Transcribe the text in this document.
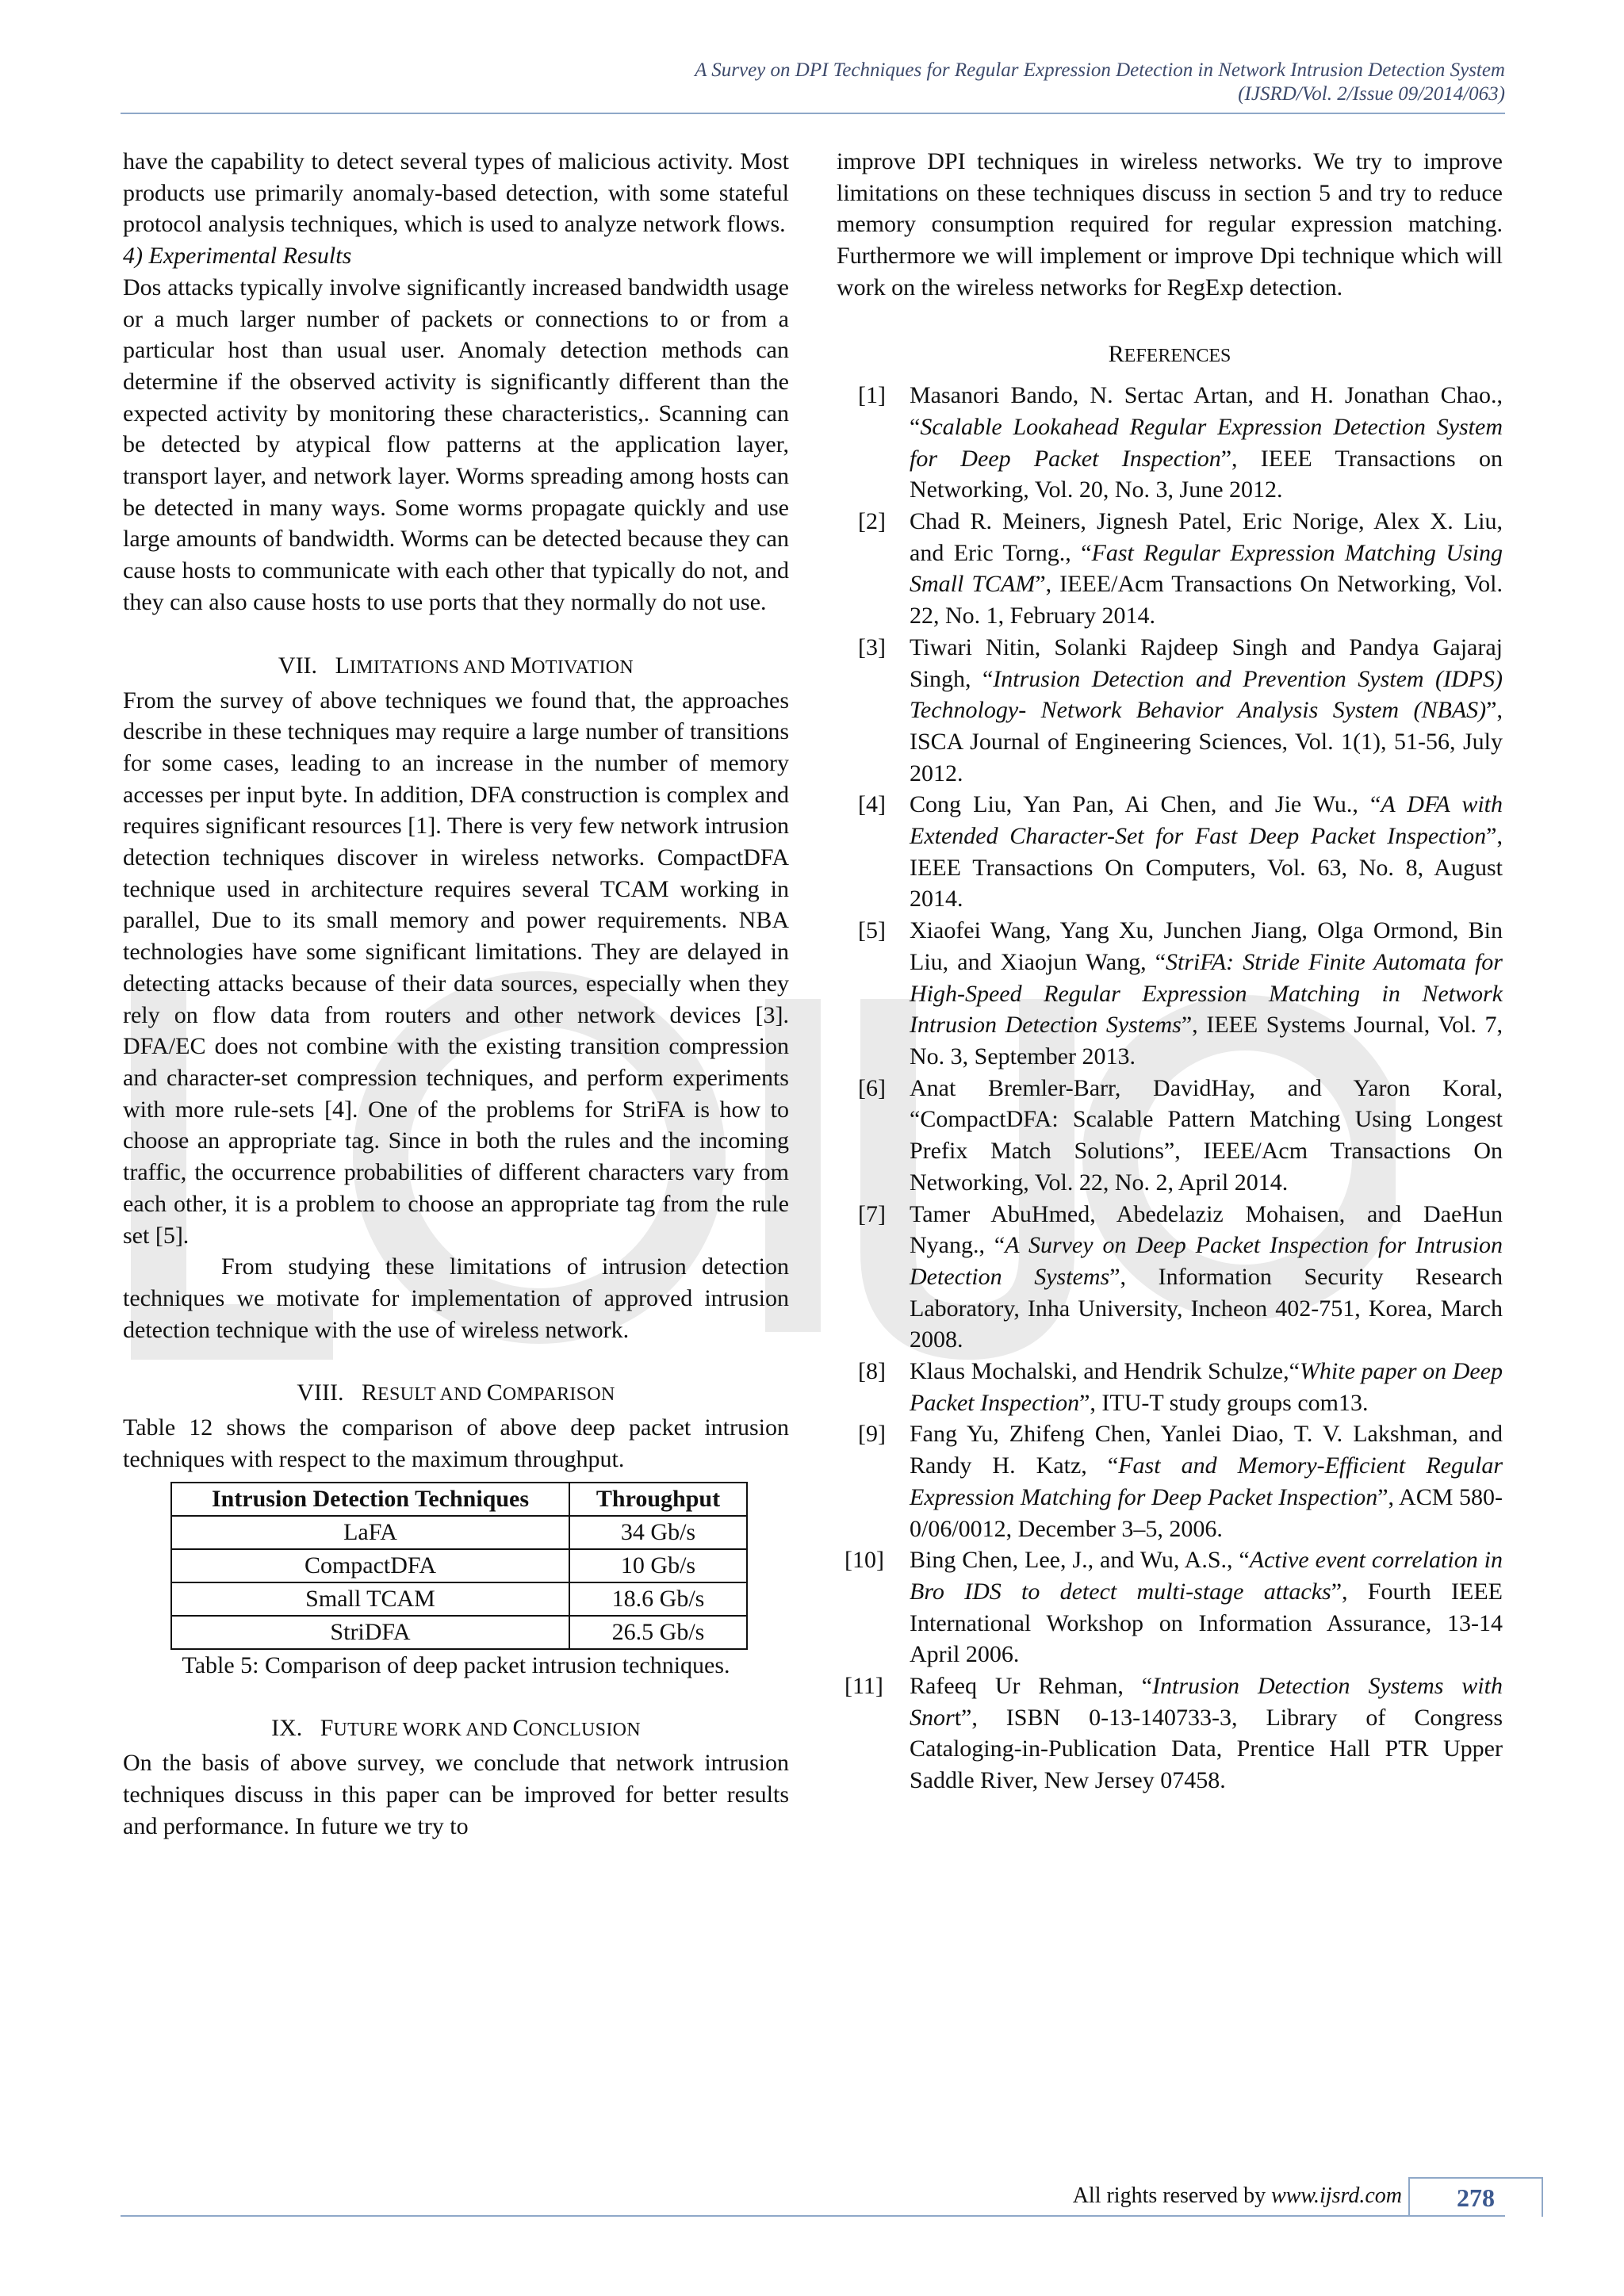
A Survey on DPI Techniques for Regular Expression Detection in Network Intrusion Detection System
(IJSRD/Vol. 2/Issue 09/2014/063)

have the capability to detect several types of malicious activity. Most products use primarily anomaly-based detection, with some stateful protocol analysis techniques, which is used to analyze network flows.

4) Experimental Results

Dos attacks typically involve significantly increased bandwidth usage or a much larger number of packets or connections to or from a particular host than usual user. Anomaly detection methods can determine if the observed activity is significantly different than the expected activity by monitoring these characteristics,. Scanning can be detected by atypical flow patterns at the application layer, transport layer, and network layer. Worms spreading among hosts can be detected in many ways. Some worms propagate quickly and use large amounts of bandwidth. Worms can be detected because they can cause hosts to communicate with each other that typically do not, and they can also cause hosts to use ports that they normally do not use.

VII. LIMITATIONS AND MOTIVATION

From the survey of above techniques we found that, the approaches describe in these techniques may require a large number of transitions for some cases, leading to an increase in the number of memory accesses per input byte. In addition, DFA construction is complex and requires significant resources [1]. There is very few network intrusion detection techniques discover in wireless networks. CompactDFA technique used in architecture requires several TCAM working in parallel, Due to its small memory and power requirements. NBA technologies have some significant limitations. They are delayed in detecting attacks because of their data sources, especially when they rely on flow data from routers and other network devices [3]. DFA/EC does not combine with the existing transition compression and character-set compression techniques, and perform experiments with more rule-sets [4]. One of the problems for StriFA is how to choose an appropriate tag. Since in both the rules and the incoming traffic, the occurrence probabilities of different characters vary from each other, it is a problem to choose an appropriate tag from the rule set [5].

From studying these limitations of intrusion detection techniques we motivate for implementation of approved intrusion detection technique with the use of wireless network.

VIII. RESULT AND COMPARISON

Table 12 shows the comparison of above deep packet intrusion techniques with respect to the maximum throughput.

Intrusion Detection Techniques	Throughput
LaFA	34 Gb/s
CompactDFA	10 Gb/s
Small TCAM	18.6 Gb/s
StriDFA	26.5 Gb/s

Table 5: Comparison of deep packet intrusion techniques.

IX. FUTURE WORK AND CONCLUSION

On the basis of above survey, we conclude that network intrusion techniques discuss in this paper can be improved for better results and performance. In future we try to

improve DPI techniques in wireless networks. We try to improve limitations on these techniques discuss in section 5 and try to reduce memory consumption required for regular expression matching. Furthermore we will implement or improve Dpi technique which will work on the wireless networks for RegExp detection.

REFERENCES

[1] Masanori Bando, N. Sertac Artan, and H. Jonathan Chao., “Scalable Lookahead Regular Expression Detection System for Deep Packet Inspection”, IEEE Transactions on Networking, Vol. 20, No. 3, June 2012.

[2] Chad R. Meiners, Jignesh Patel, Eric Norige, Alex X. Liu, and Eric Torng., “Fast Regular Expression Matching Using Small TCAM”, IEEE/Acm Transactions On Networking, Vol. 22, No. 1, February 2014.

[3] Tiwari Nitin, Solanki Rajdeep Singh and Pandya Gajaraj Singh, “Intrusion Detection and Prevention System (IDPS) Technology- Network Behavior Analysis System (NBAS)”, ISCA Journal of Engineering Sciences, Vol. 1(1), 51-56, July 2012.

[4] Cong Liu, Yan Pan, Ai Chen, and Jie Wu., “A DFA with Extended Character-Set for Fast Deep Packet Inspection”, IEEE Transactions On Computers, Vol. 63, No. 8, August 2014.

[5] Xiaofei Wang, Yang Xu, Junchen Jiang, Olga Ormond, Bin Liu, and Xiaojun Wang, “StriFA: Stride Finite Automata for High-Speed Regular Expression Matching in Network Intrusion Detection Systems”, IEEE Systems Journal, Vol. 7, No. 3, September 2013.

[6] Anat Bremler-Barr, DavidHay, and Yaron Koral, “CompactDFA: Scalable Pattern Matching Using Longest Prefix Match Solutions”, IEEE/Acm Transactions On Networking, Vol. 22, No. 2, April 2014.

[7] Tamer AbuHmed, Abedelaziz Mohaisen, and DaeHun Nyang., “A Survey on Deep Packet Inspection for Intrusion Detection Systems”, Information Security Research Laboratory, Inha University, Incheon 402-751, Korea, March 2008.

[8] Klaus Mochalski, and Hendrik Schulze,“White paper on Deep Packet Inspection”, ITU-T study groups com13.

[9] Fang Yu, Zhifeng Chen, Yanlei Diao, T. V. Lakshman, and Randy H. Katz, “Fast and Memory-Efficient Regular Expression Matching for Deep Packet Inspection”, ACM 580-0/06/0012, December 3–5, 2006.

[10] Bing Chen, Lee, J., and Wu, A.S., “Active event correlation in Bro IDS to detect multi-stage attacks”, Fourth IEEE International Workshop on Information Assurance, 13-14 April 2006.

[11] Rafeeq Ur Rehman, “Intrusion Detection Systems with Snort”, ISBN 0-13-140733-3, Library of Congress Cataloging-in-Publication Data, Prentice Hall PTR Upper Saddle River, New Jersey 07458.

All rights reserved by www.ijsrd.com	278
